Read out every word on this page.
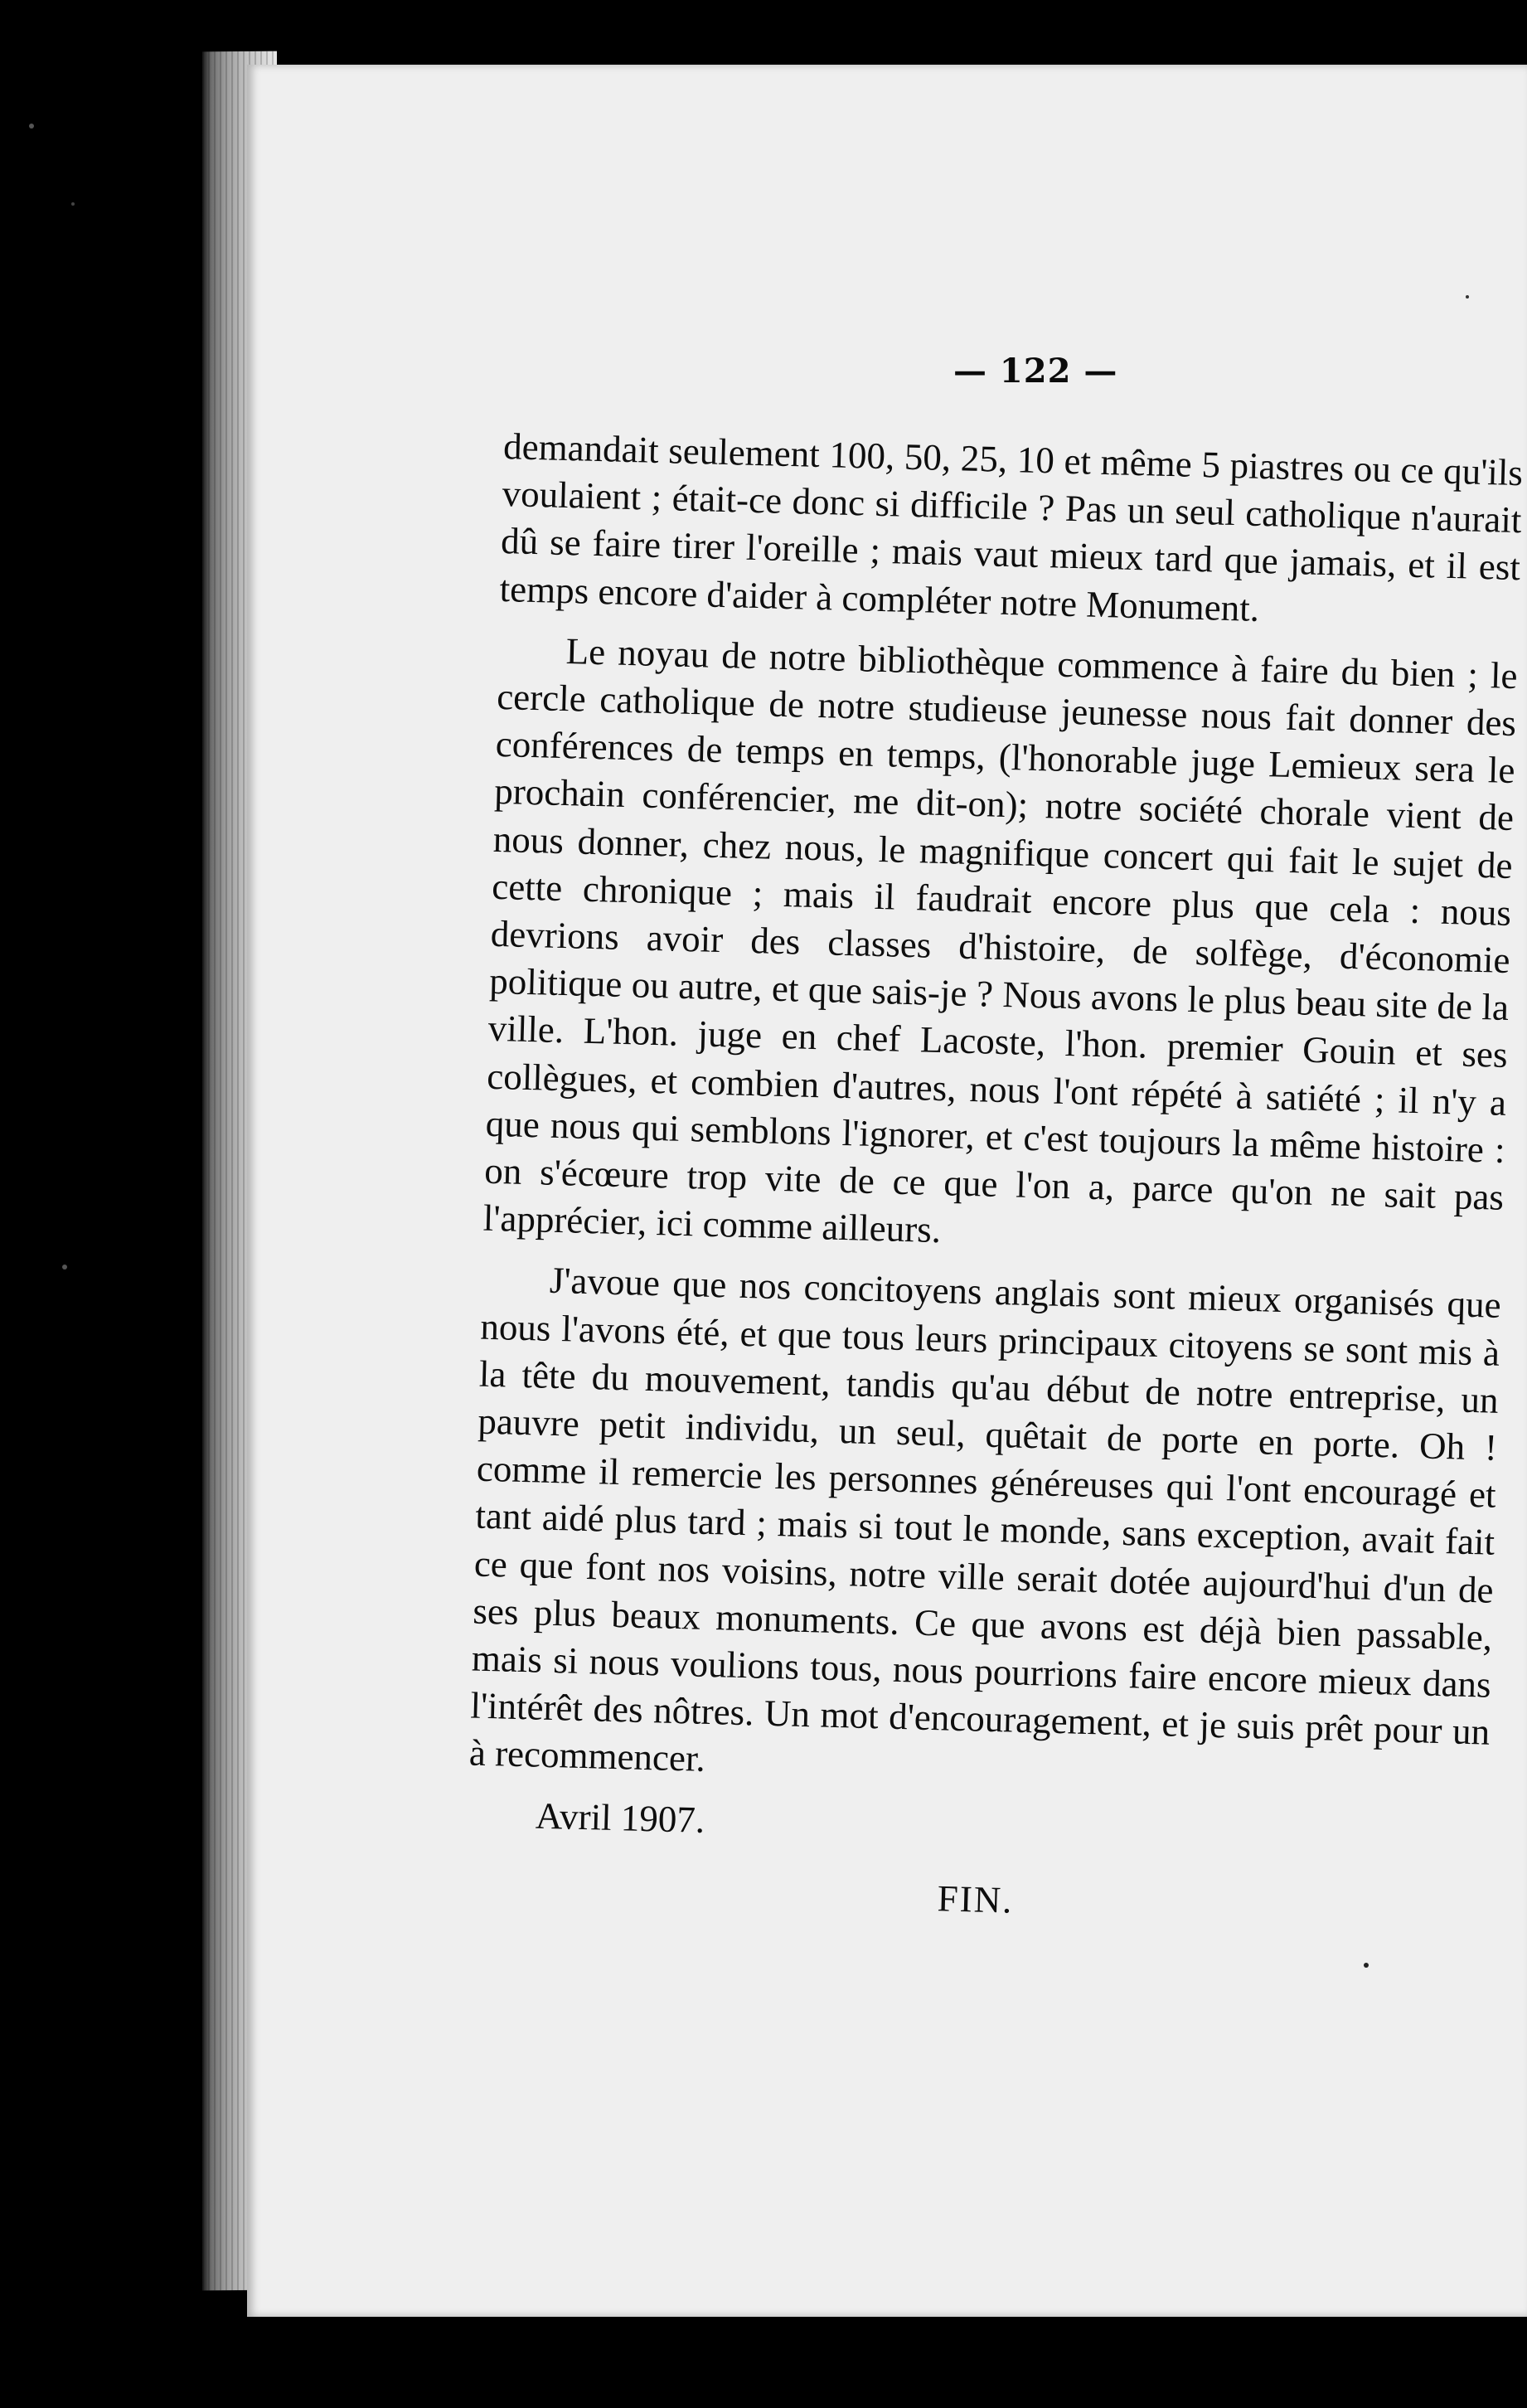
— 122 —

demandait seulement 100, 50, 25, 10 et même 5 piastres ou ce qu'ils voulaient ; était-ce donc si difficile ? Pas un seul catholique n'aurait dû se faire tirer l'oreille ; mais vaut mieux tard que jamais, et il est temps encore d'aider à compléter notre Monument.

Le noyau de notre bibliothèque commence à faire du bien ; le cercle catholique de notre studieuse jeunesse nous fait donner des conférences de temps en temps, (l'honorable juge Lemieux sera le prochain conférencier, me dit-on); notre société chorale vient de nous donner, chez nous, le magnifique concert qui fait le sujet de cette chronique ; mais il faudrait encore plus que cela : nous devrions avoir des classes d'histoire, de solfège, d'économie politique ou autre, et que sais-je ? Nous avons le plus beau site de la ville. L'hon. juge en chef Lacoste, l'hon. premier Gouin et ses collègues, et combien d'autres, nous l'ont répété à satiété ; il n'y a que nous qui semblons l'ignorer, et c'est toujours la même histoire : on s'écœure trop vite de ce que l'on a, parce qu'on ne sait pas l'apprécier, ici comme ailleurs.

J'avoue que nos concitoyens anglais sont mieux organisés que nous l'avons été, et que tous leurs principaux citoyens se sont mis à la tête du mouvement, tandis qu'au début de notre entreprise, un pauvre petit individu, un seul, quêtait de porte en porte. Oh ! comme il remercie les personnes généreuses qui l'ont encouragé et tant aidé plus tard ; mais si tout le monde, sans exception, avait fait ce que font nos voisins, notre ville serait dotée aujourd'hui d'un de ses plus beaux monuments. Ce que avons est déjà bien passable, mais si nous voulions tous, nous pourrions faire encore mieux dans l'intérêt des nôtres. Un mot d'encouragement, et je suis prêt pour un à recommencer.

Avril 1907.

FIN.
